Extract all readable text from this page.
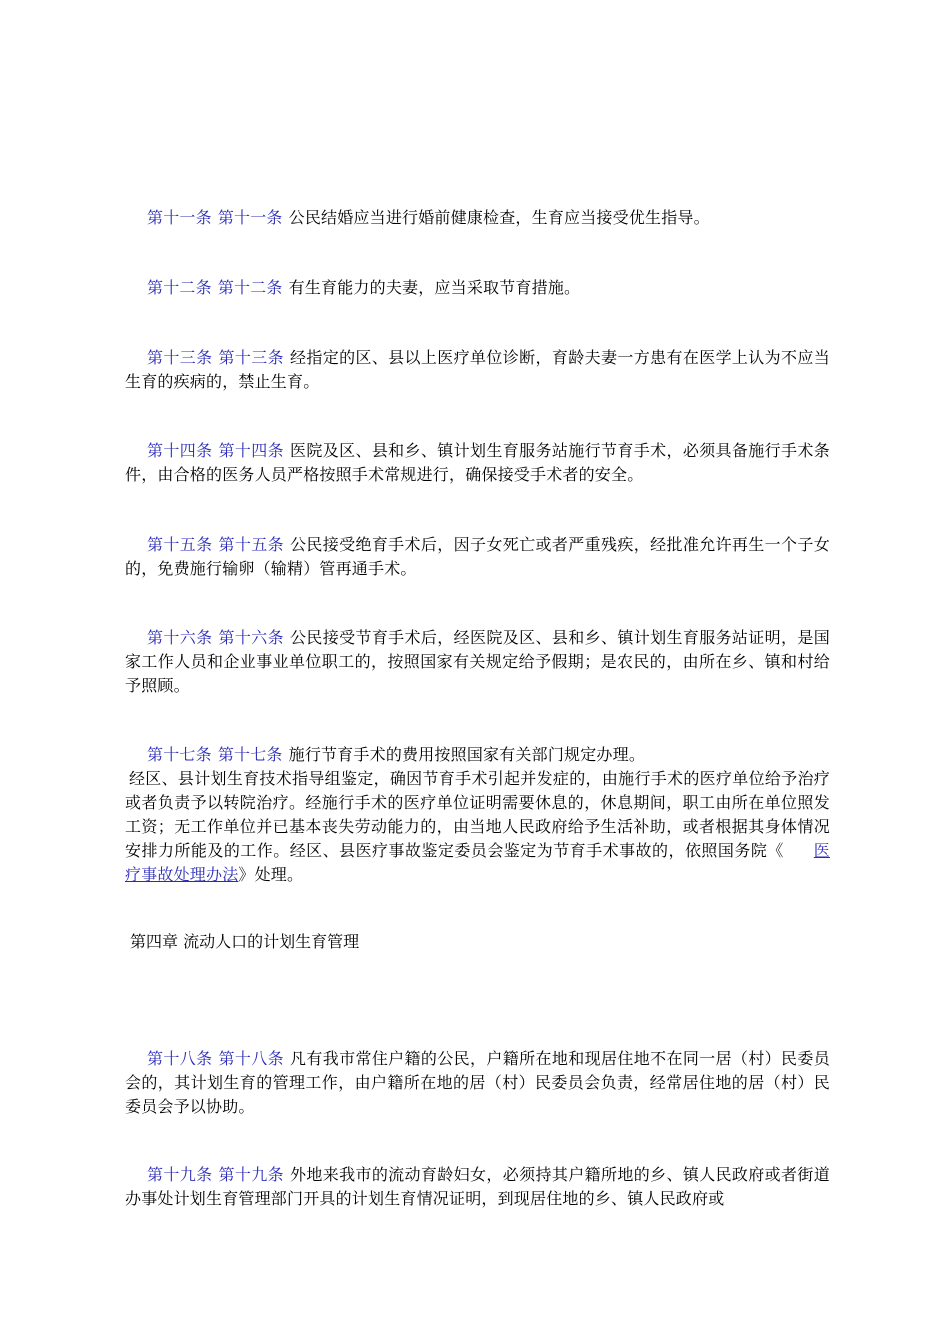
第十一条 第十一条 公民结婚应当进行婚前健康检查，生育应当接受优生指导。

第十二条 第十二条 有生育能力的夫妻，应当采取节育措施。

第十三条 第十三条 经指定的区、县以上医疗单位诊断，育龄夫妻一方患有在医学上认为不应当生育的疾病的，禁止生育。

第十四条 第十四条 医院及区、县和乡、镇计划生育服务站施行节育手术，必须具备施行手术条件，由合格的医务人员严格按照手术常规进行，确保接受手术者的安全。

第十五条 第十五条 公民接受绝育手术后，因子女死亡或者严重残疾，经批准允许再生一个子女的，免费施行输卵（输精）管再通手术。

第十六条 第十六条 公民接受节育手术后，经医院及区、县和乡、镇计划生育服务站证明，是国家工作人员和企业事业单位职工的，按照国家有关规定给予假期；是农民的，由所在乡、镇和村给予照顾。

第十七条 第十七条 施行节育手术的费用按照国家有关部门规定办理。
经区、县计划生育技术指导组鉴定，确因节育手术引起并发症的，由施行手术的医疗单位给予治疗或者负责予以转院治疗。经施行手术的医疗单位证明需要休息的，休息期间，职工由所在单位照发工资；无工作单位并已基本丧失劳动能力的，由当地人民政府给予生活补助，或者根据其身体情况安排力所能及的工作。经区、县医疗事故鉴定委员会鉴定为节育手术事故的，依照国务院《 医疗事故处理办法》处理。

第四章 流动人口的计划生育管理

第十八条 第十八条 凡有我市常住户籍的公民，户籍所在地和现居住地不在同一居（村）民委员会的，其计划生育的管理工作，由户籍所在地的居（村）民委员会负责，经常居住地的居（村）民委员会予以协助。

第十九条 第十九条 外地来我市的流动育龄妇女，必须持其户籍所地的乡、镇人民政府或者街道办事处计划生育管理部门开具的计划生育情况证明，到现居住地的乡、镇人民政府或
